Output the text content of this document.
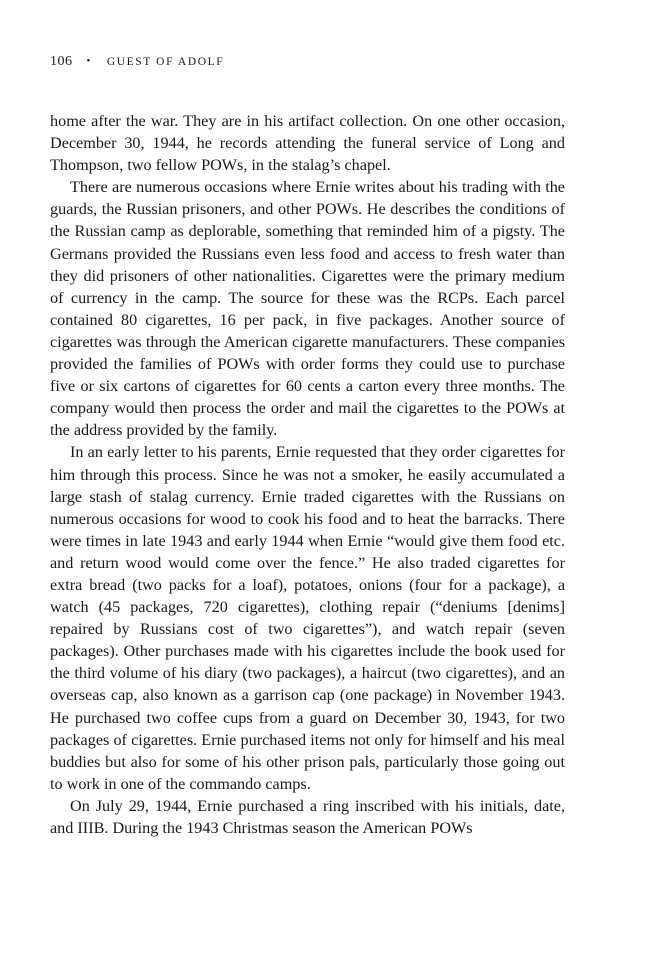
106 • GUEST OF ADOLF

home after the war. They are in his artifact collection. On one other occasion, December 30, 1944, he records attending the funeral service of Long and Thompson, two fellow POWs, in the stalag’s chapel.

There are numerous occasions where Ernie writes about his trading with the guards, the Russian prisoners, and other POWs. He describes the conditions of the Russian camp as deplorable, something that reminded him of a pigsty. The Germans provided the Russians even less food and access to fresh water than they did prisoners of other nationalities. Cigarettes were the primary medium of currency in the camp. The source for these was the RCPs. Each parcel contained 80 cigarettes, 16 per pack, in five packages. Another source of cigarettes was through the American cigarette manufacturers. These companies provided the families of POWs with order forms they could use to purchase five or six cartons of cigarettes for 60 cents a carton every three months. The company would then process the order and mail the cigarettes to the POWs at the address provided by the family.

In an early letter to his parents, Ernie requested that they order cigarettes for him through this process. Since he was not a smoker, he easily accumulated a large stash of stalag currency. Ernie traded cigarettes with the Russians on numerous occasions for wood to cook his food and to heat the barracks. There were times in late 1943 and early 1944 when Ernie “would give them food etc. and return wood would come over the fence.” He also traded cigarettes for extra bread (two packs for a loaf), potatoes, onions (four for a package), a watch (45 packages, 720 cigarettes), clothing repair (“deniums [denims] repaired by Russians cost of two cigarettes”), and watch repair (seven packages). Other purchases made with his cigarettes include the book used for the third volume of his diary (two packages), a haircut (two cigarettes), and an overseas cap, also known as a garrison cap (one package) in November 1943. He purchased two coffee cups from a guard on December 30, 1943, for two packages of cigarettes. Ernie purchased items not only for himself and his meal buddies but also for some of his other prison pals, particularly those going out to work in one of the commando camps.

On July 29, 1944, Ernie purchased a ring inscribed with his initials, date, and IIIB. During the 1943 Christmas season the American POWs
